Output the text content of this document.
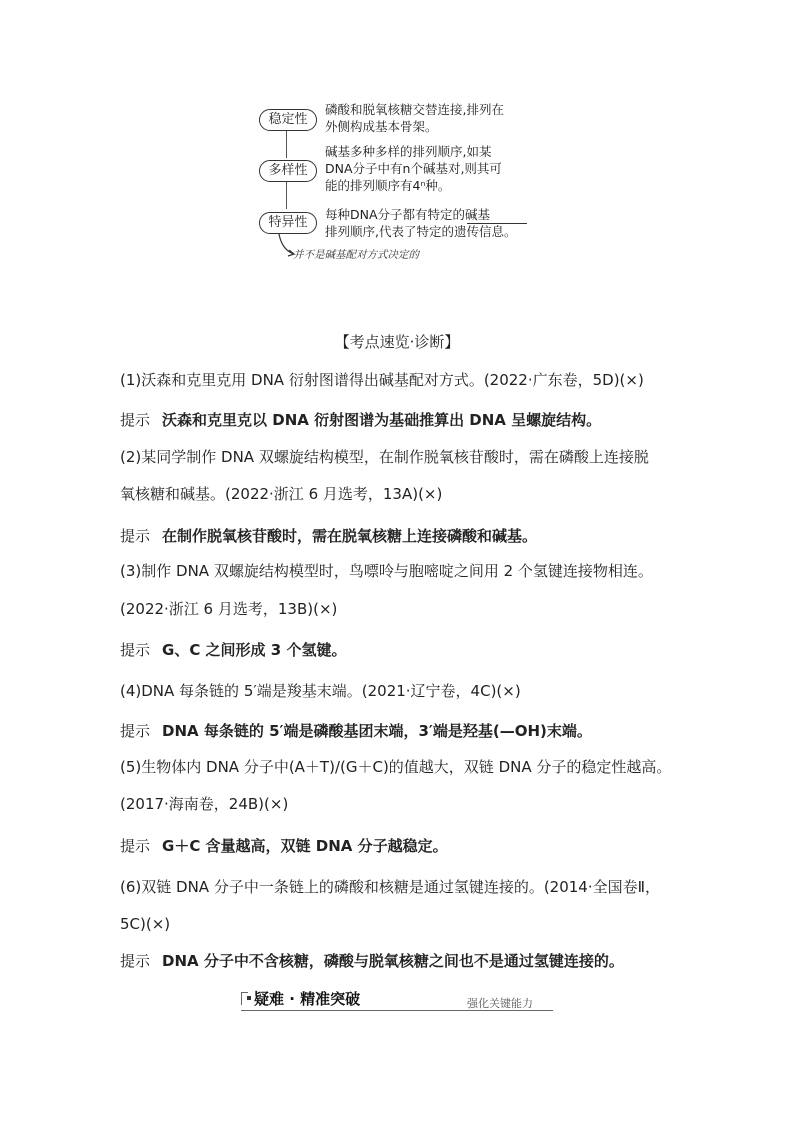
稳定性
多样性
特异性
磷酸和脱氧核糖交替连接,排列在
外侧构成基本骨架。
碱基多种多样的排列顺序,如某
DNA分子中有n个碱基对,则其可
能的排列顺序有4ⁿ种。
每种DNA分子都有特定的碱基
排列顺序,代表了特定的遗传信息。
并不是碱基配对方式决定的
【考点速览·诊断】
(1)沃森和克里克用 DNA 衍射图谱得出碱基配对方式。(2022·广东卷，5D)(×)
提示 沃森和克里克以 DNA 衍射图谱为基础推算出 DNA 呈螺旋结构。
(2)某同学制作 DNA 双螺旋结构模型，在制作脱氧核苷酸时，需在磷酸上连接脱
氧核糖和碱基。(2022·浙江 6 月选考，13A)(×)
提示 在制作脱氧核苷酸时，需在脱氧核糖上连接磷酸和碱基。
(3)制作 DNA 双螺旋结构模型时，鸟嘌呤与胞嘧啶之间用 2 个氢键连接物相连。
(2022·浙江 6 月选考，13B)(×)
提示 G、C 之间形成 3 个氢键。
(4)DNA 每条链的 5′端是羧基末端。(2021·辽宁卷，4C)(×)
提示 DNA 每条链的 5′端是磷酸基团末端，3′端是羟基(—OH)末端。
(5)生物体内 DNA 分子中(A＋T)/(G＋C)的值越大，双链 DNA 分子的稳定性越高。
(2017·海南卷，24B)(×)
提示 G＋C 含量越高，双链 DNA 分子越稳定。
(6)双链 DNA 分子中一条链上的磷酸和核糖是通过氢键连接的。(2014·全国卷Ⅱ，
5C)(×)
提示 DNA 分子中不含核糖，磷酸与脱氧核糖之间也不是通过氢键连接的。
疑难 · 精准突破	强化关键能力
